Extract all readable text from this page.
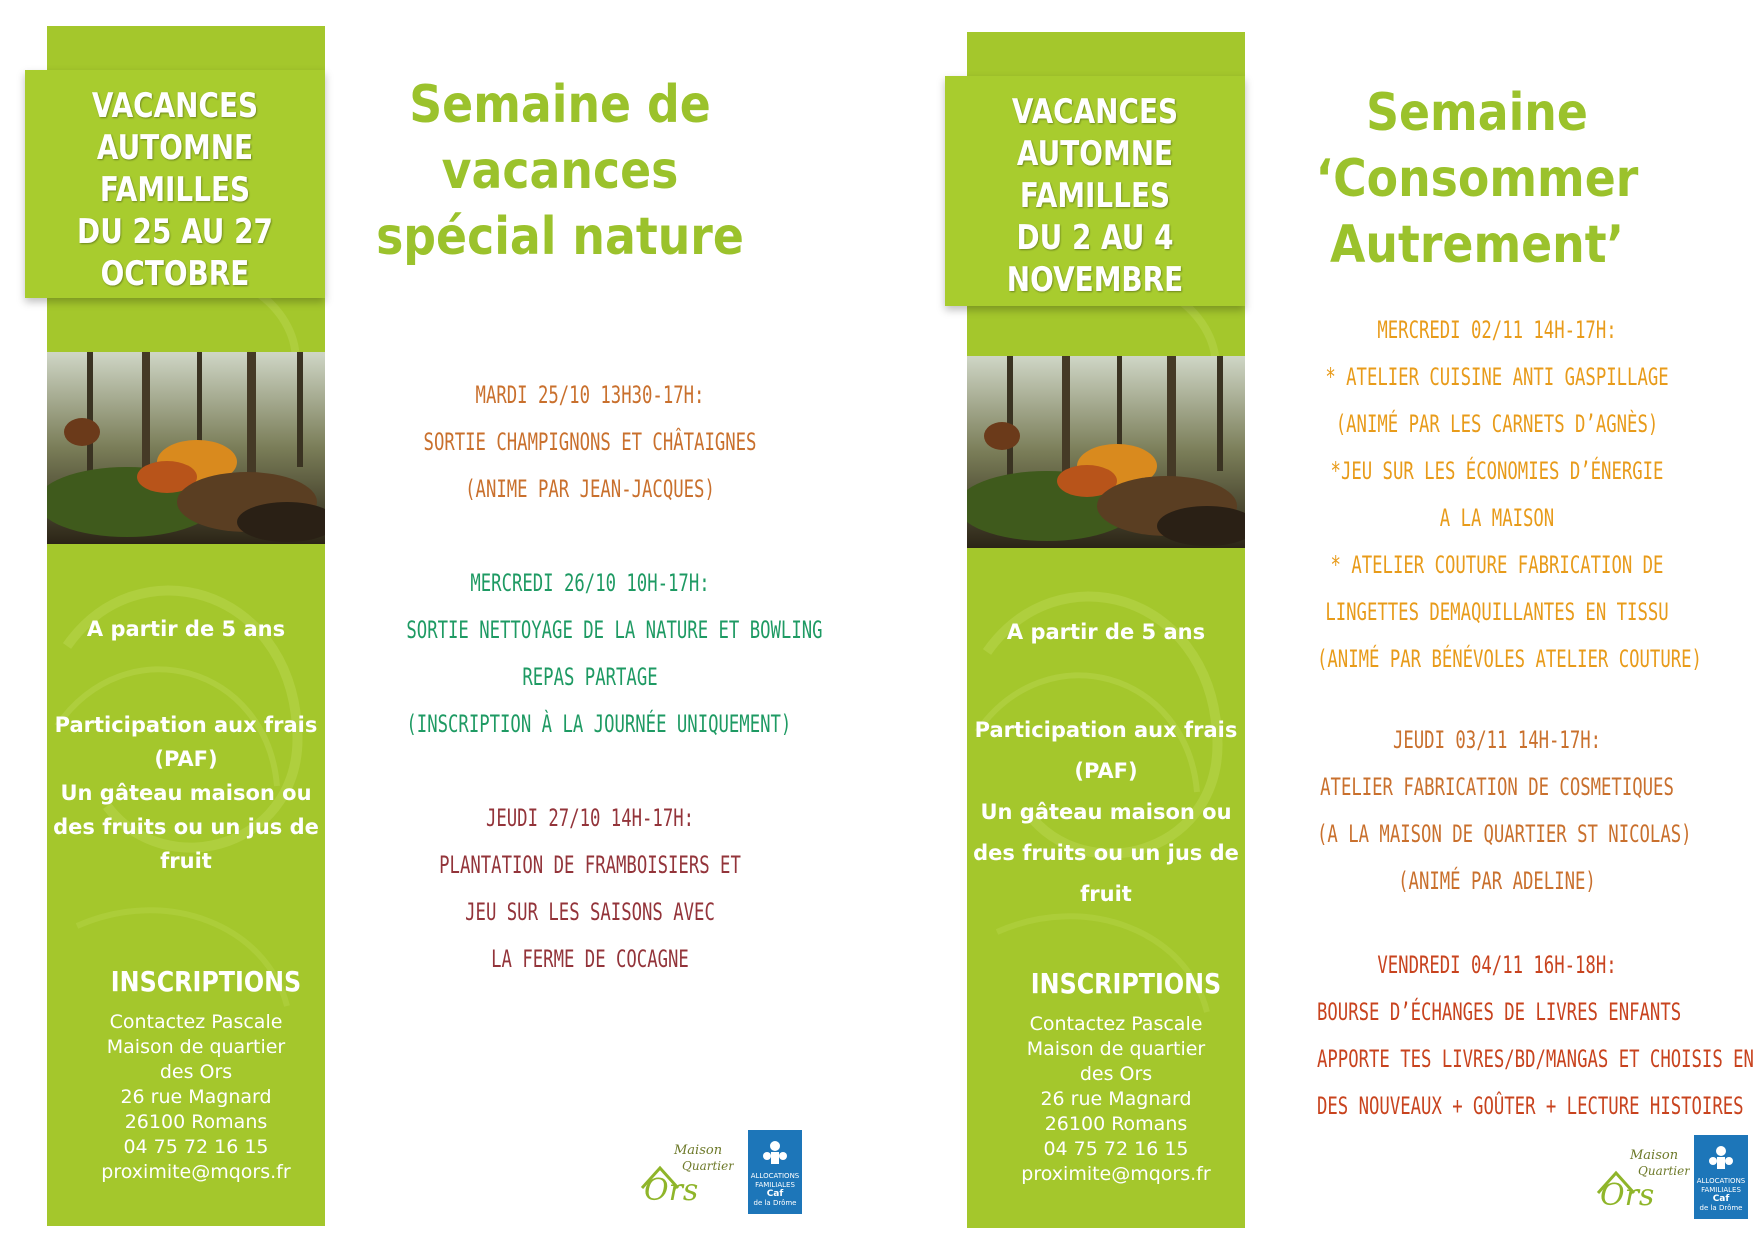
VACANCES
AUTOMNE
FAMILLES
DU 25 AU 27
OCTOBRE
A partir de 5 ans
Participation aux frais
(PAF)
Un gâteau maison ou
des fruits ou un jus de
fruit
INSCRIPTIONS
Contactez Pascale
Maison de quartier
des Ors
26 rue Magnard
26100 Romans
04 75 72 16 15
proximite@mqors.fr
Semaine de
vacances
spécial nature
MARDI 25/10 13H30-17H:
SORTIE CHAMPIGNONS ET CHÂTAIGNES
(ANIME PAR JEAN-JACQUES)
MERCREDI 26/10 10H-17H:
SORTIE NETTOYAGE DE LA NATURE ET BOWLING
REPAS PARTAGE
(INSCRIPTION À LA JOURNÉE UNIQUEMENT)
JEUDI 27/10 14H-17H:
PLANTATION DE FRAMBOISIERS ET
JEU SUR LES SAISONS AVEC
LA FERME DE COCAGNE
Maison
Quartier
Ors	ALLOCATIONS
FAMILIALES
Caf
de la Drôme
VACANCES
AUTOMNE
FAMILLES
DU 2 AU 4
NOVEMBRE
A partir de 5 ans
Participation aux frais
(PAF)
Un gâteau maison ou
des fruits ou un jus de
fruit
INSCRIPTIONS
Contactez Pascale
Maison de quartier
des Ors
26 rue Magnard
26100 Romans
04 75 72 16 15
proximite@mqors.fr
Semaine
‘Consommer
Autrement’
MERCREDI 02/11 14H-17H:
* ATELIER CUISINE ANTI GASPILLAGE
(ANIMÉ PAR LES CARNETS D’AGNÈS)
*JEU SUR LES ÉCONOMIES D’ÉNERGIE
A LA MAISON
* ATELIER COUTURE FABRICATION DE
LINGETTES DEMAQUILLANTES EN TISSU
(ANIMÉ PAR BÉNÉVOLES ATELIER COUTURE)
JEUDI 03/11 14H-17H:
ATELIER FABRICATION DE COSMETIQUES
(A LA MAISON DE QUARTIER ST NICOLAS)
(ANIMÉ PAR ADELINE)
VENDREDI 04/11 16H-18H:
BOURSE D’ÉCHANGES DE LIVRES ENFANTS
APPORTE TES LIVRES/BD/MANGAS ET CHOISIS EN
DES NOUVEAUX + GOÛTER + LECTURE HISTOIRES
Maison
Quartier
Ors	ALLOCATIONS
FAMILIALES
Caf
de la Drôme
